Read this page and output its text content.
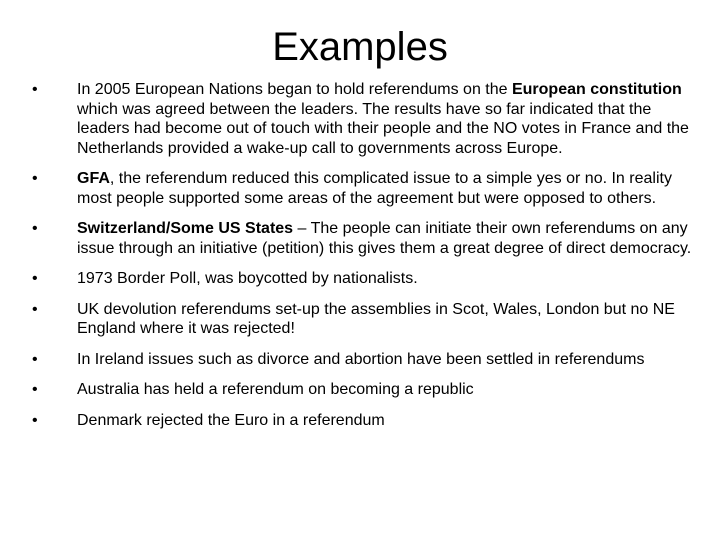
Examples
•	In 2005 European Nations began to hold referendums on the European constitution which was agreed between the leaders. The results have so far indicated that the leaders had become out of touch with their people and the NO votes in France and the Netherlands provided a wake-up call to governments across Europe.
•	GFA, the referendum reduced this complicated issue to a simple yes or no. In reality most people supported some areas of the agreement but were opposed to others.
•	Switzerland/Some US States – The people can initiate their own referendums on any issue through an initiative (petition) this gives them a great degree of direct democracy.
•	1973 Border Poll, was boycotted by nationalists.
•	UK devolution referendums set-up the assemblies in Scot, Wales, London but no NE England where it was rejected!
•	In Ireland issues such as divorce and abortion have been settled in referendums
•	Australia has held a referendum on becoming a republic
•	Denmark rejected the Euro in a referendum
